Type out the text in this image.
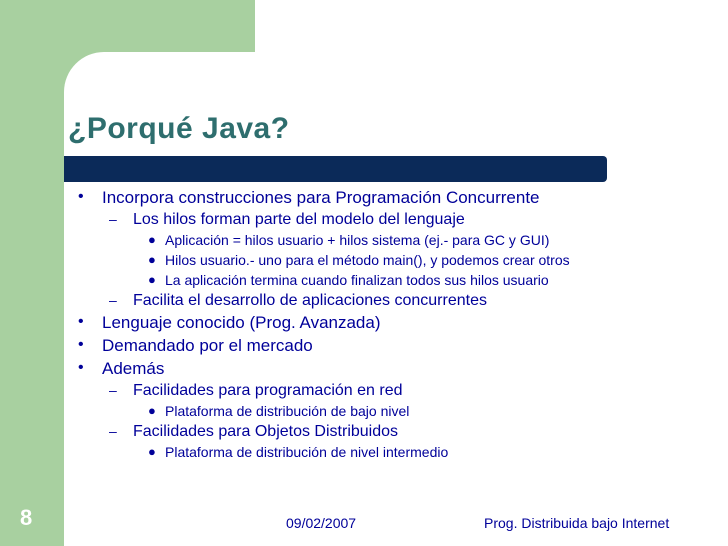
¿Porqué Java?
• Incorpora construcciones para Programación Concurrente
– Los hilos forman parte del modelo del lenguaje
● Aplicación = hilos usuario + hilos sistema (ej.- para GC y GUI)
● Hilos usuario.- uno para el método main(), y podemos crear otros
● La aplicación termina cuando finalizan todos sus hilos usuario
– Facilita el desarrollo de aplicaciones concurrentes
• Lenguaje conocido (Prog. Avanzada)
• Demandado por el mercado
• Además
– Facilidades para programación en red
● Plataforma de distribución de bajo nivel
– Facilidades para Objetos Distribuidos
● Plataforma de distribución de nivel intermedio
8	09/02/2007	Prog. Distribuida bajo Internet
